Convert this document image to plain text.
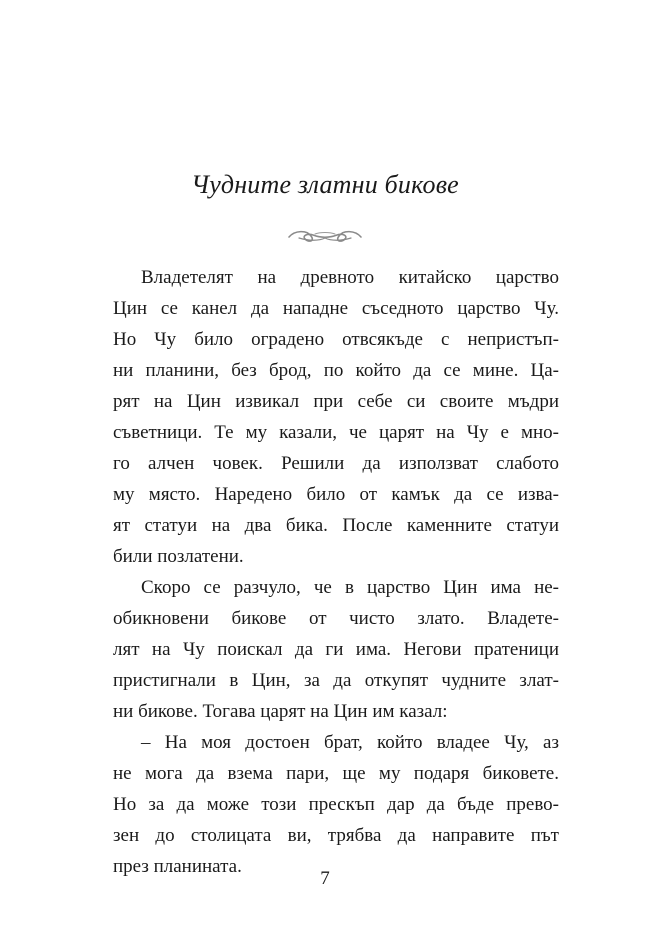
Чудните златни бикове
Владетелят на древното китайско царство
Цин се канел да нападне съседното царство Чу.
Но Чу било оградено отвсякъде с непристъп-
ни планини, без брод, по който да се мине. Ца-
рят на Цин извикал при себе си своите мъдри
съветници. Те му казали, че царят на Чу е мно-
го алчен човек. Решили да използват слабото
му място. Наредено било от камък да се изва-
ят статуи на два бика. После каменните статуи
били позлатени.
Скоро се разчуло, че в царство Цин има не-
обикновени бикове от чисто злато. Владете-
лят на Чу поискал да ги има. Негови пратеници
пристигнали в Цин, за да откупят чудните злат-
ни бикове. Тогава царят на Цин им казал:
– На моя достоен брат, който владее Чу, аз
не мога да взема пари, ще му подаря биковете.
Но за да може този прескъп дар да бъде прево-
зен до столицата ви, трябва да направите път
през планината.
7
